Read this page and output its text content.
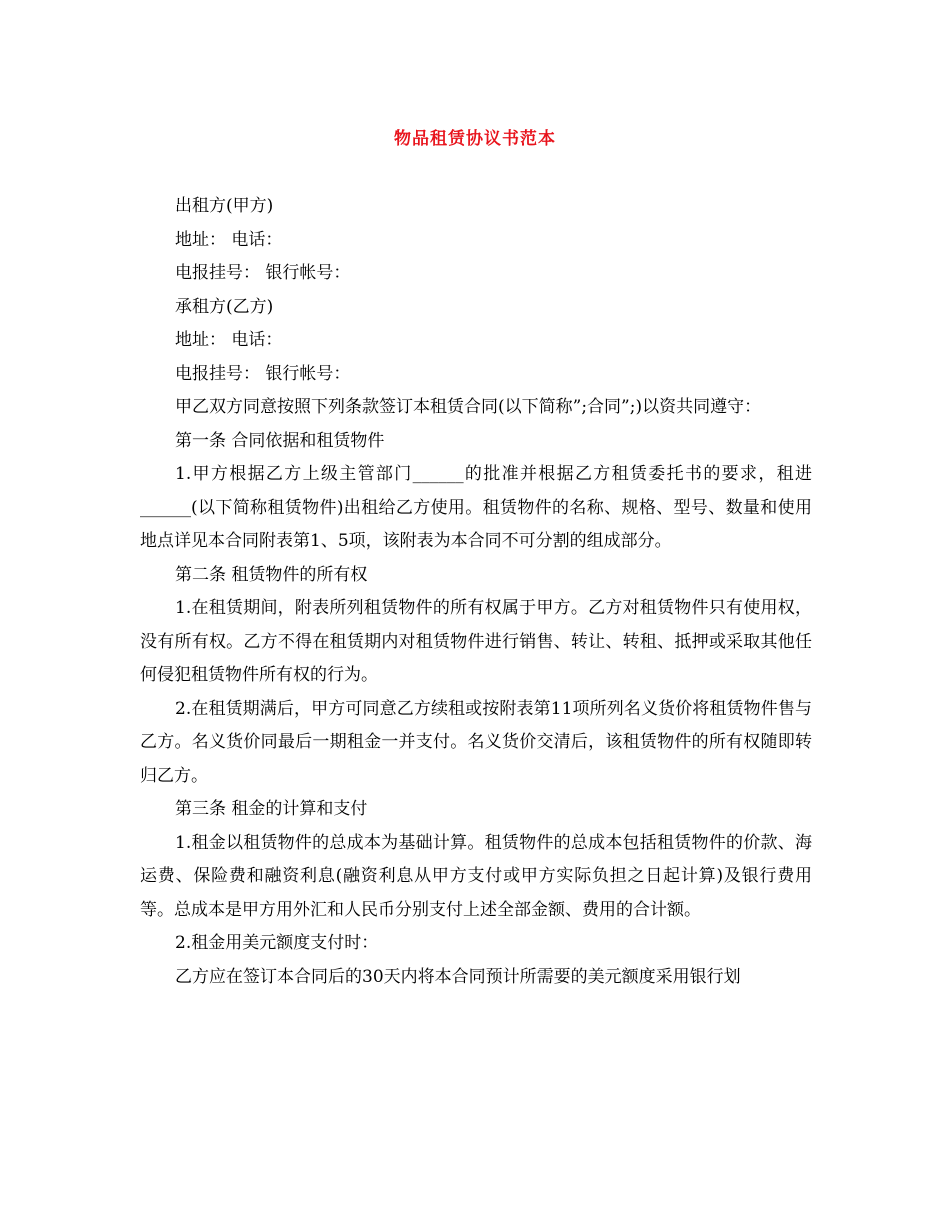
物品租赁协议书范本

出租方(甲方)

地址： 电话：

电报挂号： 银行帐号：

承租方(乙方)

地址： 电话：

电报挂号： 银行帐号：

甲乙双方同意按照下列条款签订本租赁合同(以下简称”;合同”;)以资共同遵守：

第一条 合同依据和租赁物件

1.甲方根据乙方上级主管部门______的批准并根据乙方租赁委托书的要求，租进______(以下简称租赁物件)出租给乙方使用。租赁物件的名称、规格、型号、数量和使用地点详见本合同附表第1、5项，该附表为本合同不可分割的组成部分。

第二条 租赁物件的所有权

1.在租赁期间，附表所列租赁物件的所有权属于甲方。乙方对租赁物件只有使用权，没有所有权。乙方不得在租赁期内对租赁物件进行销售、转让、转租、抵押或采取其他任何侵犯租赁物件所有权的行为。

2.在租赁期满后，甲方可同意乙方续租或按附表第11项所列名义货价将租赁物件售与乙方。名义货价同最后一期租金一并支付。名义货价交清后，该租赁物件的所有权随即转归乙方。

第三条 租金的计算和支付

1.租金以租赁物件的总成本为基础计算。租赁物件的总成本包括租赁物件的价款、海运费、保险费和融资利息(融资利息从甲方支付或甲方实际负担之日起计算)及银行费用等。总成本是甲方用外汇和人民币分别支付上述全部金额、费用的合计额。

2.租金用美元额度支付时：

乙方应在签订本合同后的30天内将本合同预计所需要的美元额度采用银行划
